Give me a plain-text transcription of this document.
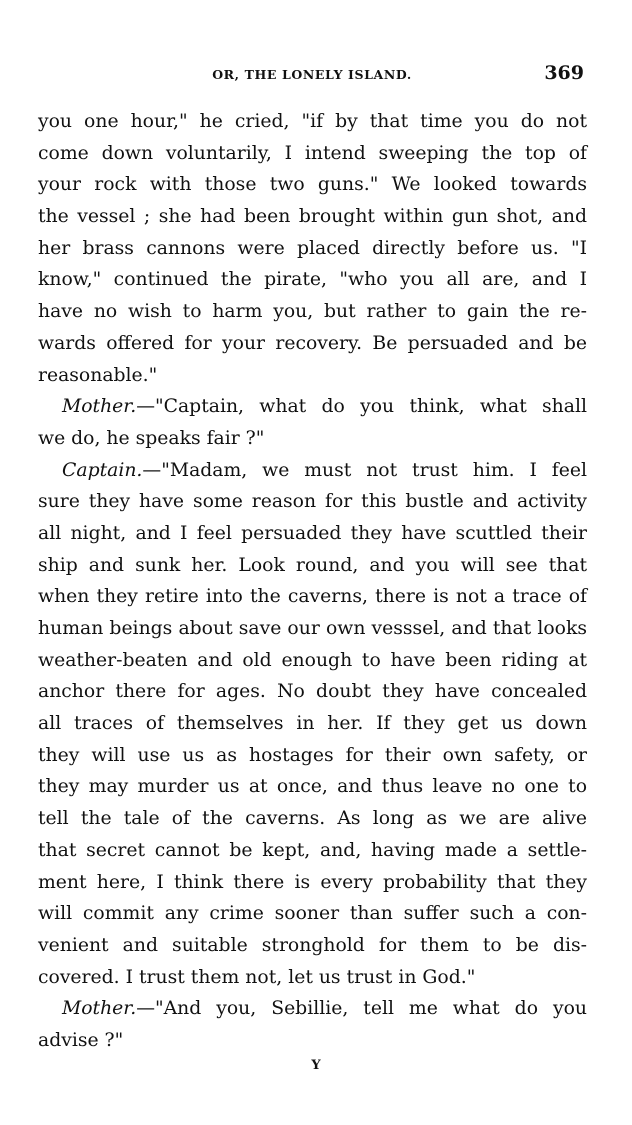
OR, THE LONELY ISLAND.	369
you one hour," he cried, "if by that time you do not
come down voluntarily, I intend sweeping the top of
your rock with those two guns." We looked towards
the vessel ; she had been brought within gun shot, and
her brass cannons were placed directly before us. "I
know," continued the pirate, "who you all are, and I
have no wish to harm you, but rather to gain the re-
wards offered for your recovery. Be persuaded and be
reasonable."
Mother.—"Captain, what do you think, what shall
we do, he speaks fair ?"
Captain.—"Madam, we must not trust him. I feel
sure they have some reason for this bustle and activity
all night, and I feel persuaded they have scuttled their
ship and sunk her. Look round, and you will see that
when they retire into the caverns, there is not a trace of
human beings about save our own vesssel, and that looks
weather-beaten and old enough to have been riding at
anchor there for ages. No doubt they have concealed
all traces of themselves in her. If they get us down
they will use us as hostages for their own safety, or
they may murder us at once, and thus leave no one to
tell the tale of the caverns. As long as we are alive
that secret cannot be kept, and, having made a settle-
ment here, I think there is every probability that they
will commit any crime sooner than suffer such a con-
venient and suitable stronghold for them to be dis-
covered. I trust them not, let us trust in God."
Mother.—"And you, Sebillie, tell me what do you
advise ?"
Y
